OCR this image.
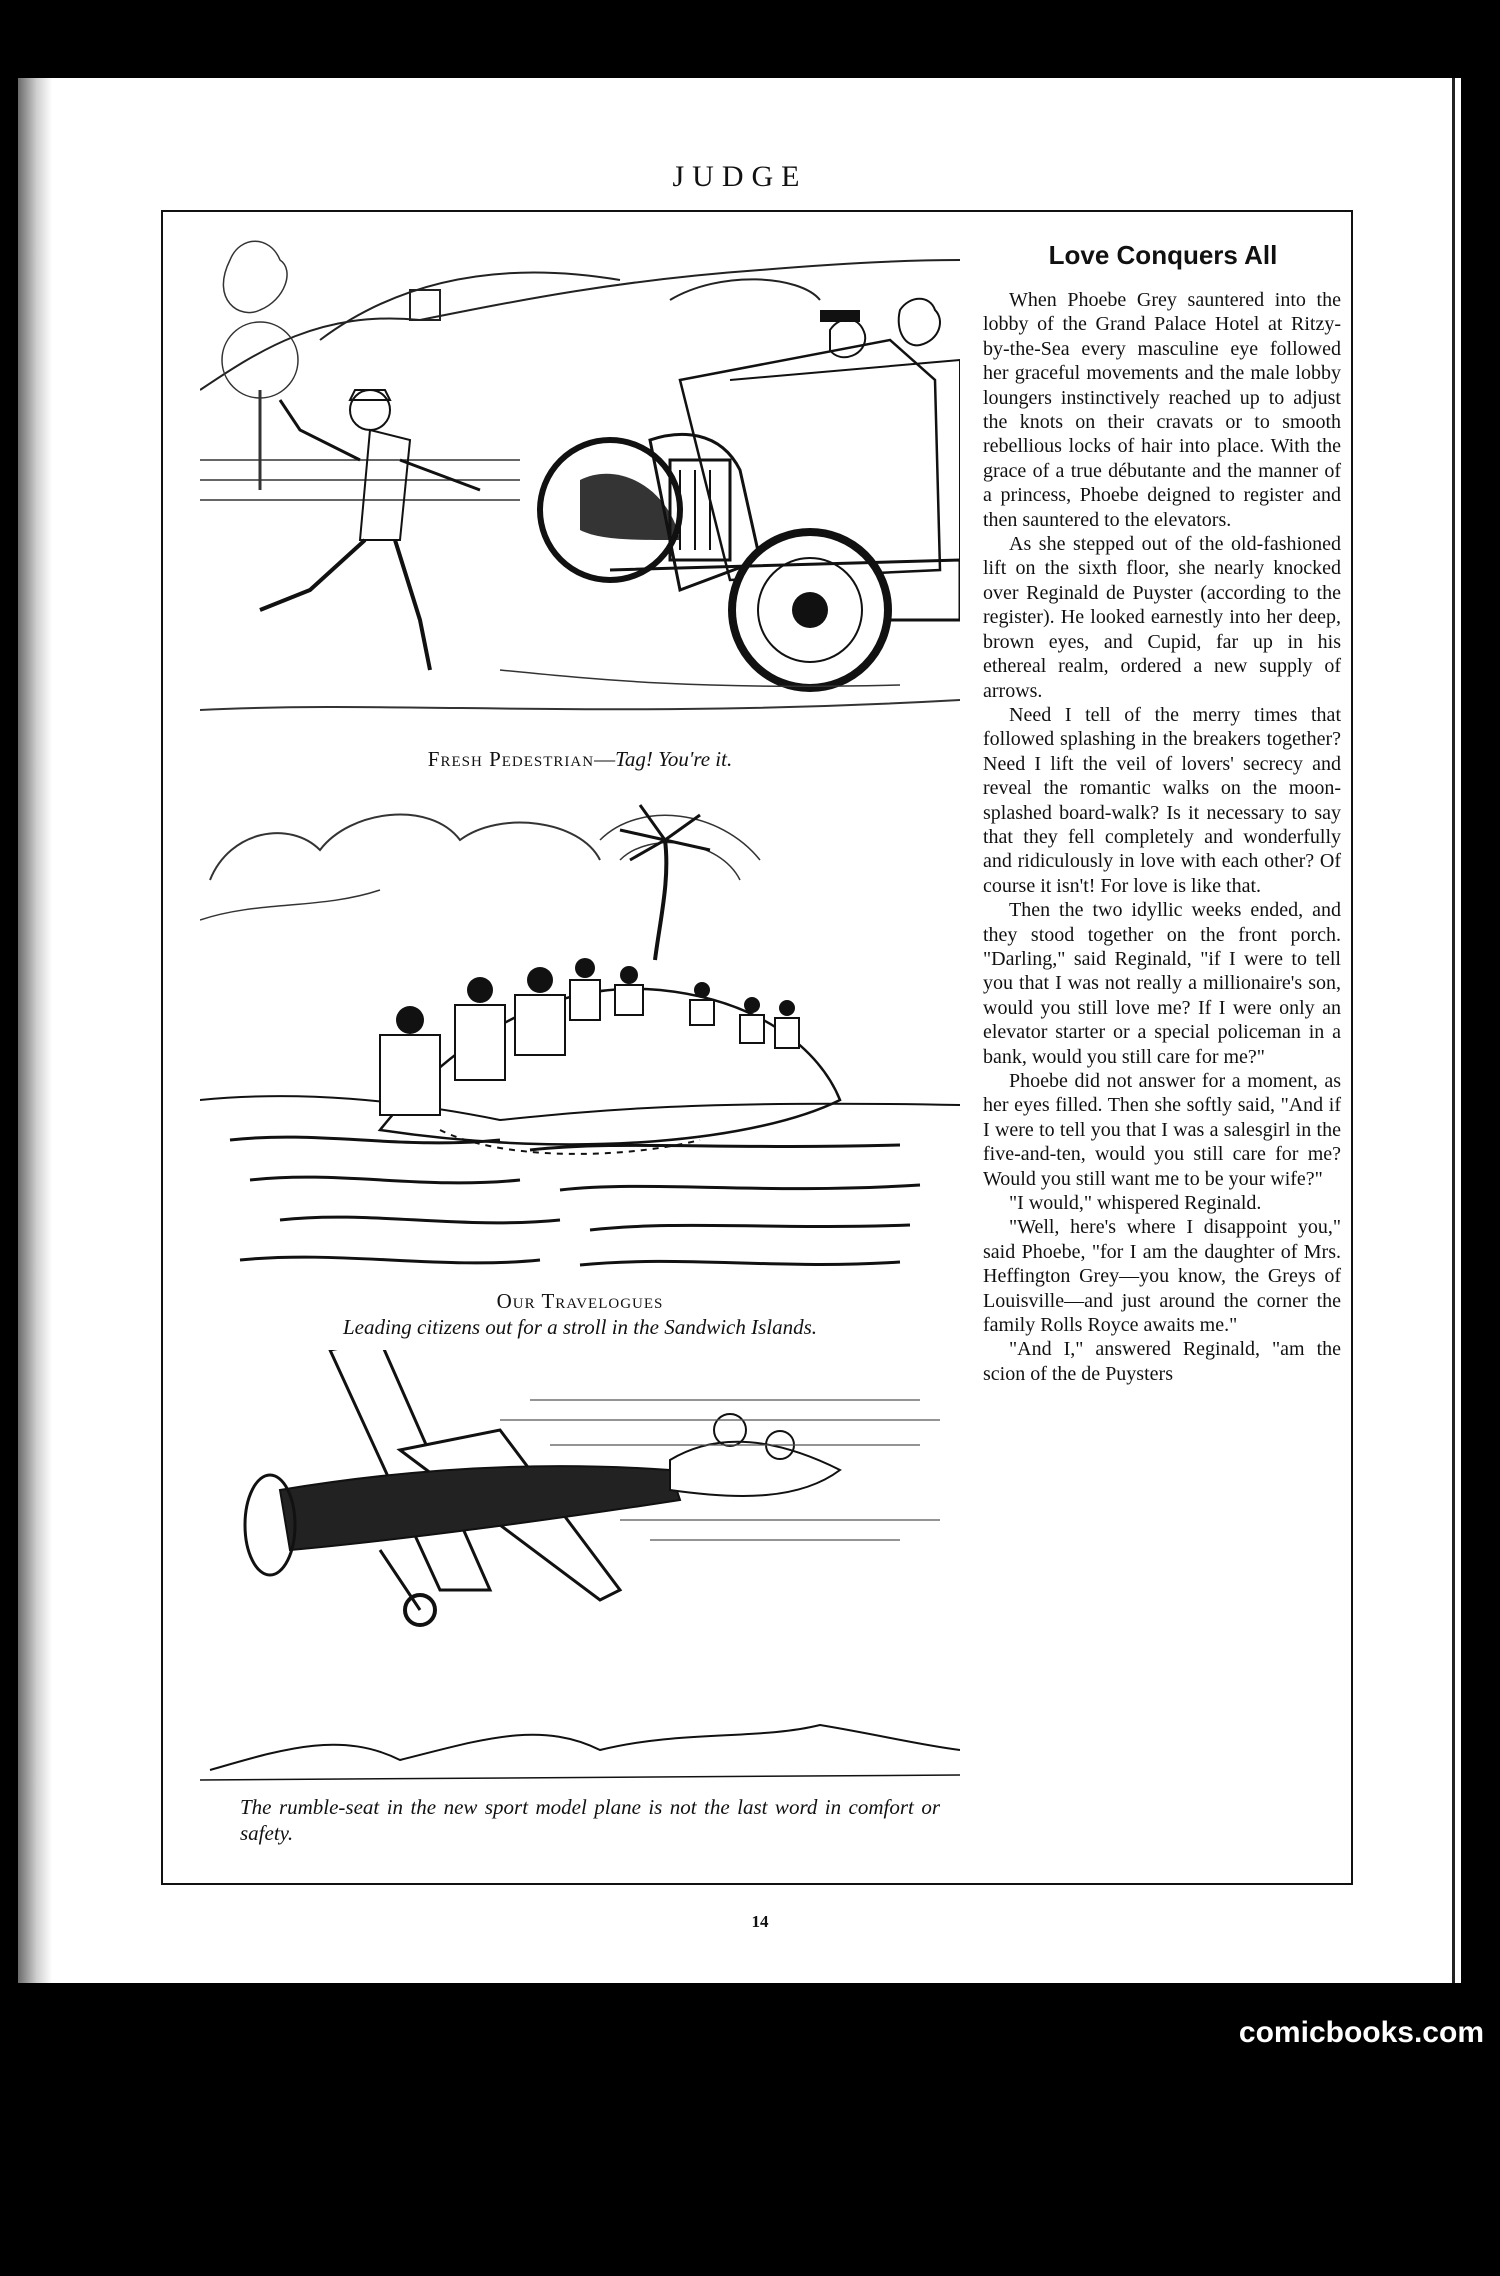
JUDGE
Fresh Pedestrian—Tag! You're it.
Our Travelogues
Leading citizens out for a stroll in the Sandwich Islands.
The rumble-seat in the new sport model plane is not the last word in comfort or safety.
Love Conquers All

When Phoebe Grey sauntered into the lobby of the Grand Palace Hotel at Ritzy-by-the-Sea every masculine eye followed her graceful movements and the male lobby loungers instinctively reached up to adjust the knots on their cravats or to smooth rebellious locks of hair into place. With the grace of a true débutante and the manner of a princess, Phoebe deigned to register and then sauntered to the elevators.

As she stepped out of the old-fashioned lift on the sixth floor, she nearly knocked over Reginald de Puyster (according to the register). He looked earnestly into her deep, brown eyes, and Cupid, far up in his ethereal realm, ordered a new supply of arrows.

Need I tell of the merry times that followed splashing in the breakers together? Need I lift the veil of lovers' secrecy and reveal the romantic walks on the moon-splashed board-walk? Is it necessary to say that they fell completely and wonderfully and ridiculously in love with each other? Of course it isn't! For love is like that.

Then the two idyllic weeks ended, and they stood together on the front porch. "Darling," said Reginald, "if I were to tell you that I was not really a millionaire's son, would you still love me? If I were only an elevator starter or a special policeman in a bank, would you still care for me?"

Phoebe did not answer for a moment, as her eyes filled. Then she softly said, "And if I were to tell you that I was a salesgirl in the five-and-ten, would you still care for me? Would you still want me to be your wife?"

"I would," whispered Reginald.

"Well, here's where I disappoint you," said Phoebe, "for I am the daughter of Mrs. Heffington Grey—you know, the Greys of Louisville—and just around the corner the family Rolls Royce awaits me."

"And I," answered Reginald, "am the scion of the de Puysters

14
comicbooks.com
